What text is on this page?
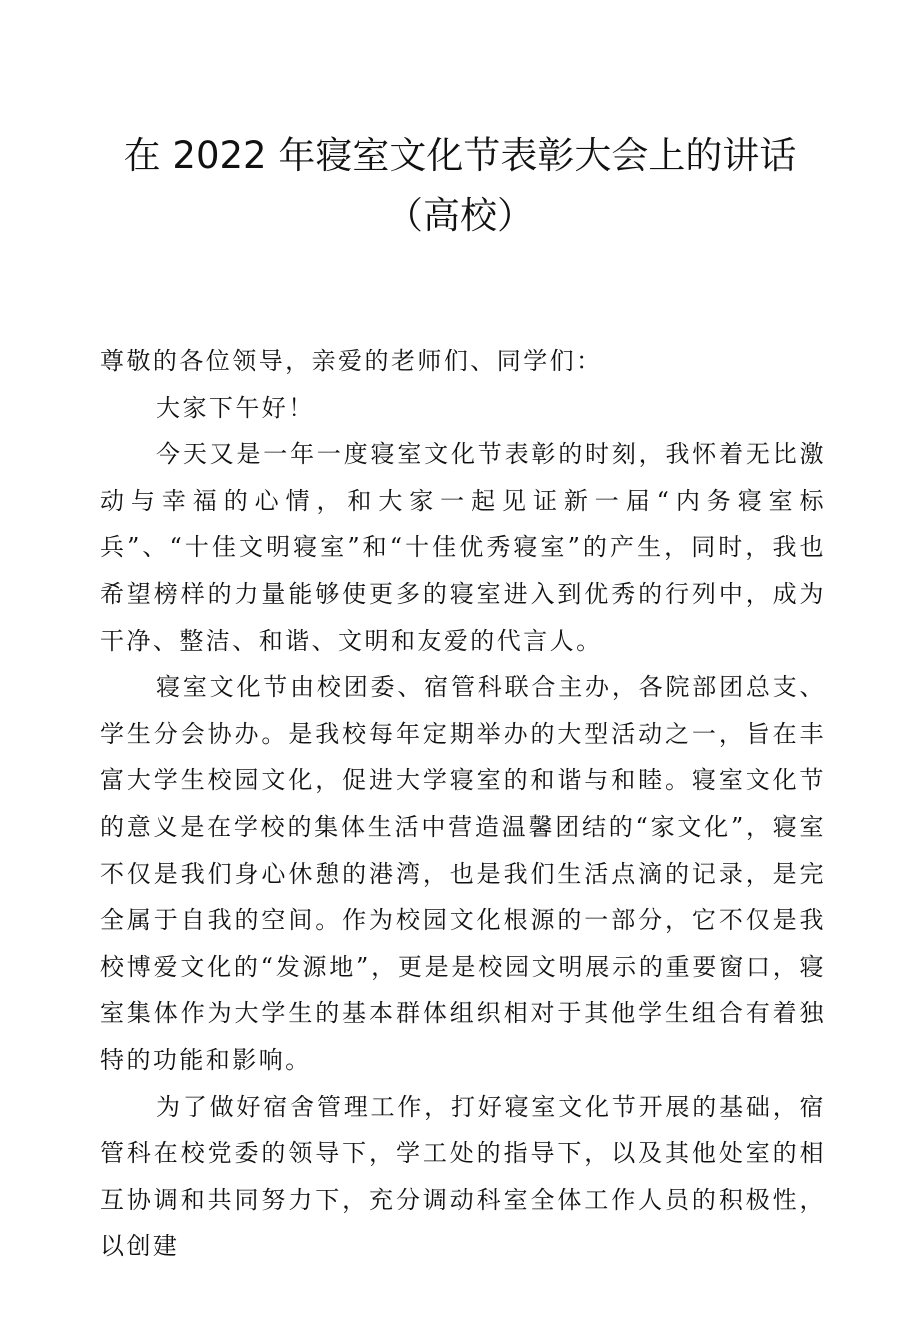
在 2022 年寝室文化节表彰大会上的讲话
（高校）

尊敬的各位领导，亲爱的老师们、同学们：

大家下午好！

今天又是一年一度寝室文化节表彰的时刻，我怀着无比激动与幸福的心情，和大家一起见证新一届“内务寝室标兵”、“十佳文明寝室”和“十佳优秀寝室”的产生，同时，我也希望榜样的力量能够使更多的寝室进入到优秀的行列中，成为干净、整洁、和谐、文明和友爱的代言人。

寝室文化节由校团委、宿管科联合主办，各院部团总支、学生分会协办。是我校每年定期举办的大型活动之一，旨在丰富大学生校园文化，促进大学寝室的和谐与和睦。寝室文化节的意义是在学校的集体生活中营造温馨团结的“家文化”，寝室不仅是我们身心休憩的港湾，也是我们生活点滴的记录，是完全属于自我的空间。作为校园文化根源的一部分，它不仅是我校博爱文化的“发源地”，更是是校园文明展示的重要窗口，寝室集体作为大学生的基本群体组织相对于其他学生组合有着独特的功能和影响。

为了做好宿舍管理工作，打好寝室文化节开展的基础，宿管科在校党委的领导下，学工处的指导下，以及其他处室的相互协调和共同努力下，充分调动科室全体工作人员的积极性，以创建
